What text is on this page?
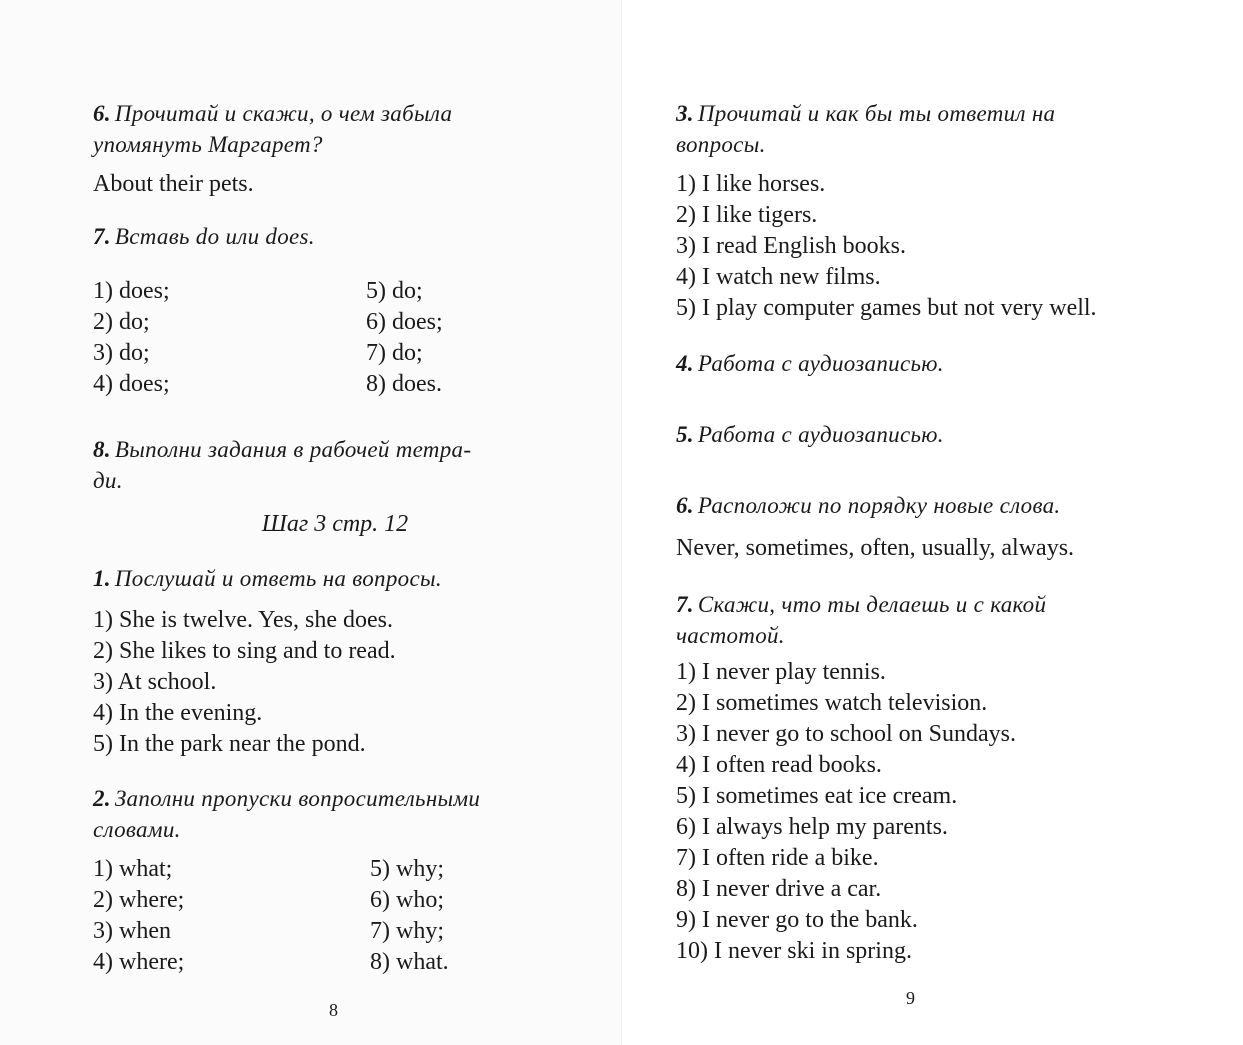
6. Прочитай и скажи, о чем забыла
упомянуть Маргарет?
About their pets.
7. Вставь do или does.
1) does;
2) do;
3) do;
4) does;
5) do;
6) does;
7) do;
8) does.
8. Выполни задания в рабочей тетра-
ди.
Шаг 3 стр. 12
1. Послушай и ответь на вопросы.
1) She is twelve. Yes, she does.
2) She likes to sing and to read.
3) At school.
4) In the evening.
5) In the park near the pond.
2. Заполни пропуски вопросительными
словами.
1) what;
2) where;
3) when
4) where;
5) why;
6) who;
7) why;
8) what.
8
3. Прочитай и как бы ты ответил на
вопросы.
1) I like horses.
2) I like tigers.
3) I read English books.
4) I watch new films.
5) I play computer games but not very well.
4. Работа с аудиозаписью.
5. Работа с аудиозаписью.
6. Расположи по порядку новые слова.
Never, sometimes, often, usually, always.
7. Скажи, что ты делаешь и с какой
частотой.
1) I never play tennis.
2) I sometimes watch television.
3) I never go to school on Sundays.
4) I often read books.
5) I sometimes eat ice cream.
6) I always help my parents.
7) I often ride a bike.
8) I never drive a car.
9) I never go to the bank.
10) I never ski in spring.
9
